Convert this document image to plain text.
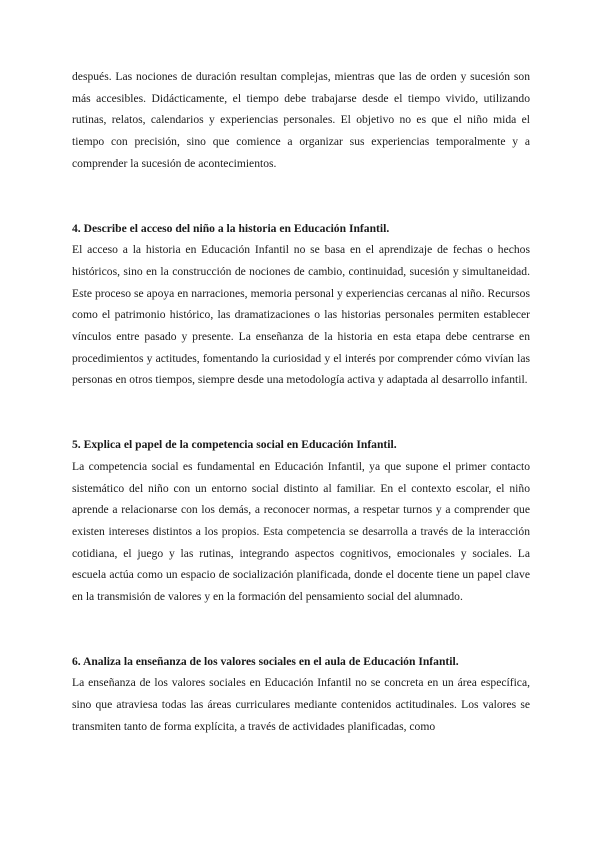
después. Las nociones de duración resultan complejas, mientras que las de orden y sucesión son más accesibles. Didácticamente, el tiempo debe trabajarse desde el tiempo vivido, utilizando rutinas, relatos, calendarios y experiencias personales. El objetivo no es que el niño mida el tiempo con precisión, sino que comience a organizar sus experiencias temporalmente y a comprender la sucesión de acontecimientos.

4. Describe el acceso del niño a la historia en Educación Infantil.

El acceso a la historia en Educación Infantil no se basa en el aprendizaje de fechas o hechos históricos, sino en la construcción de nociones de cambio, continuidad, sucesión y simultaneidad. Este proceso se apoya en narraciones, memoria personal y experiencias cercanas al niño. Recursos como el patrimonio histórico, las dramatizaciones o las historias personales permiten establecer vínculos entre pasado y presente. La enseñanza de la historia en esta etapa debe centrarse en procedimientos y actitudes, fomentando la curiosidad y el interés por comprender cómo vivían las personas en otros tiempos, siempre desde una metodología activa y adaptada al desarrollo infantil.

5. Explica el papel de la competencia social en Educación Infantil.

La competencia social es fundamental en Educación Infantil, ya que supone el primer contacto sistemático del niño con un entorno social distinto al familiar. En el contexto escolar, el niño aprende a relacionarse con los demás, a reconocer normas, a respetar turnos y a comprender que existen intereses distintos a los propios. Esta competencia se desarrolla a través de la interacción cotidiana, el juego y las rutinas, integrando aspectos cognitivos, emocionales y sociales. La escuela actúa como un espacio de socialización planificada, donde el docente tiene un papel clave en la transmisión de valores y en la formación del pensamiento social del alumnado.

6. Analiza la enseñanza de los valores sociales en el aula de Educación Infantil.

La enseñanza de los valores sociales en Educación Infantil no se concreta en un área específica, sino que atraviesa todas las áreas curriculares mediante contenidos actitudinales. Los valores se transmiten tanto de forma explícita, a través de actividades planificadas, como
